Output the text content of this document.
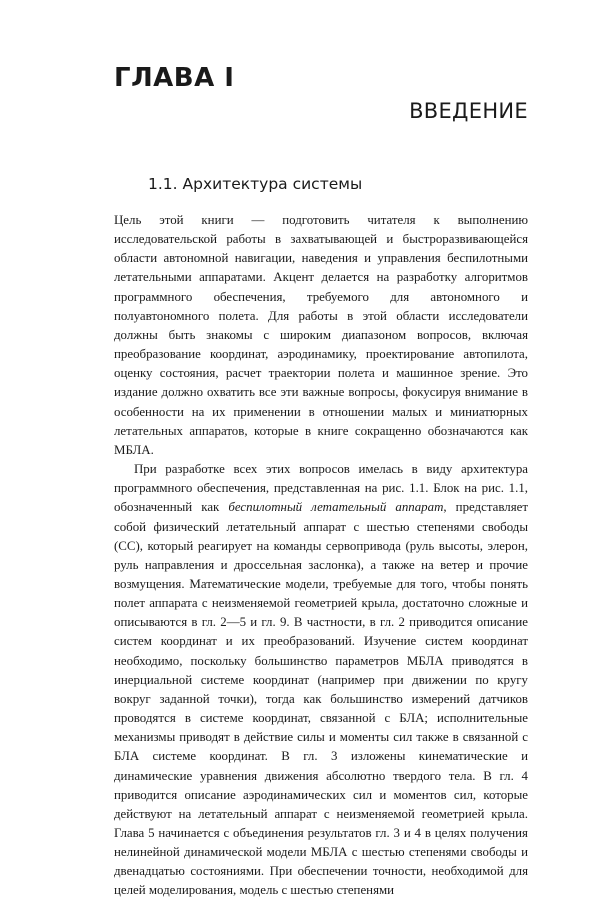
ГЛАВА I
ВВЕДЕНИЕ
1.1. Архитектура системы

Цель этой книги — подготовить читателя к выполнению исследовательской работы в захватывающей и быстроразвивающейся области автономной навигации, наведения и управления беспилотными летательными аппаратами. Акцент делается на разработку алгоритмов программного обеспечения, требуемого для автономного и полуавтономного полета. Для работы в этой области исследователи должны быть знакомы с широким диапазоном вопросов, включая преобразование координат, аэродинамику, проектирование автопилота, оценку состояния, расчет траектории полета и машинное зрение. Это издание должно охватить все эти важные вопросы, фокусируя внимание в особенности на их применении в отношении малых и миниатюрных летательных аппаратов, которые в книге сокращенно обозначаются как МБЛА.

При разработке всех этих вопросов имелась в виду архитектура программного обеспечения, представленная на рис. 1.1. Блок на рис. 1.1, обозначенный как беспилотный летательный аппарат, представляет собой физический летательный аппарат с шестью степенями свободы (СС), который реагирует на команды сервопривода (руль высоты, элерон, руль направления и дроссельная заслонка), а также на ветер и прочие возмущения. Математические модели, требуемые для того, чтобы понять полет аппарата с неизменяемой геометрией крыла, достаточно сложные и описываются в гл. 2—5 и гл. 9. В частности, в гл. 2 приводится описание систем координат и их преобразований. Изучение систем координат необходимо, поскольку большинство параметров МБЛА приводятся в инерциальной системе координат (например при движении по кругу вокруг заданной точки), тогда как большинство измерений датчиков проводятся в системе координат, связанной с БЛА; исполнительные механизмы приводят в действие силы и моменты сил также в связанной с БЛА системе координат. В гл. 3 изложены кинематические и динамические уравнения движения абсолютно твердого тела. В гл. 4 приводится описание аэродинамических сил и моментов сил, которые действуют на летательный аппарат с неизменяемой геометрией крыла. Глава 5 начинается с объединения результатов гл. 3 и 4 в целях получения нелинейной динамической модели МБЛА с шестью степенями свободы и двенадцатью состояниями. При обеспечении точности, необходимой для целей моделирования, модель с шестью степенями
